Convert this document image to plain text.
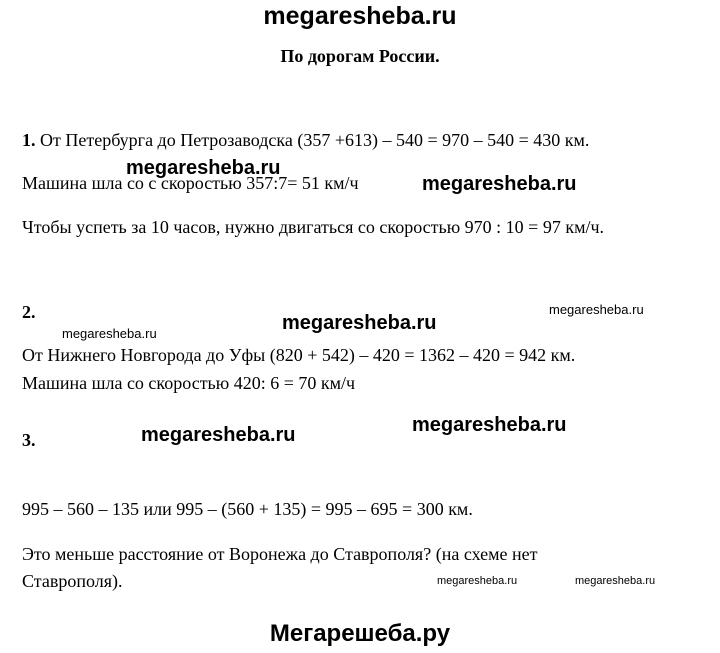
megaresheba.ru
По дорогам России.
1. От Петербурга до Петрозаводска (357 +613) – 540 = 970 – 540 = 430 км.
megaresheba.ru
Машина шла со с скоростью 357:7= 51 км/ч	megaresheba.ru
Чтобы успеть за 10 часов, нужно двигаться со скоростью 970 : 10 = 97 км/ч.
2.	megaresheba.ru
megaresheba.ru
megaresheba.ru
От Нижнего Новгорода до Уфы (820 + 542) – 420 = 1362 – 420 = 942 км.
Машина шла со скоростью 420: 6 = 70 км/ч
megaresheba.ru
3.	megaresheba.ru
995 – 560 – 135 или 995 – (560 + 135) = 995 – 695 = 300 км.
Это меньше расстояние от Воронежа до Ставрополя? (на схеме нет
Ставрополя).	megaresheba.ru	megaresheba.ru
Мегарешеба.ру
